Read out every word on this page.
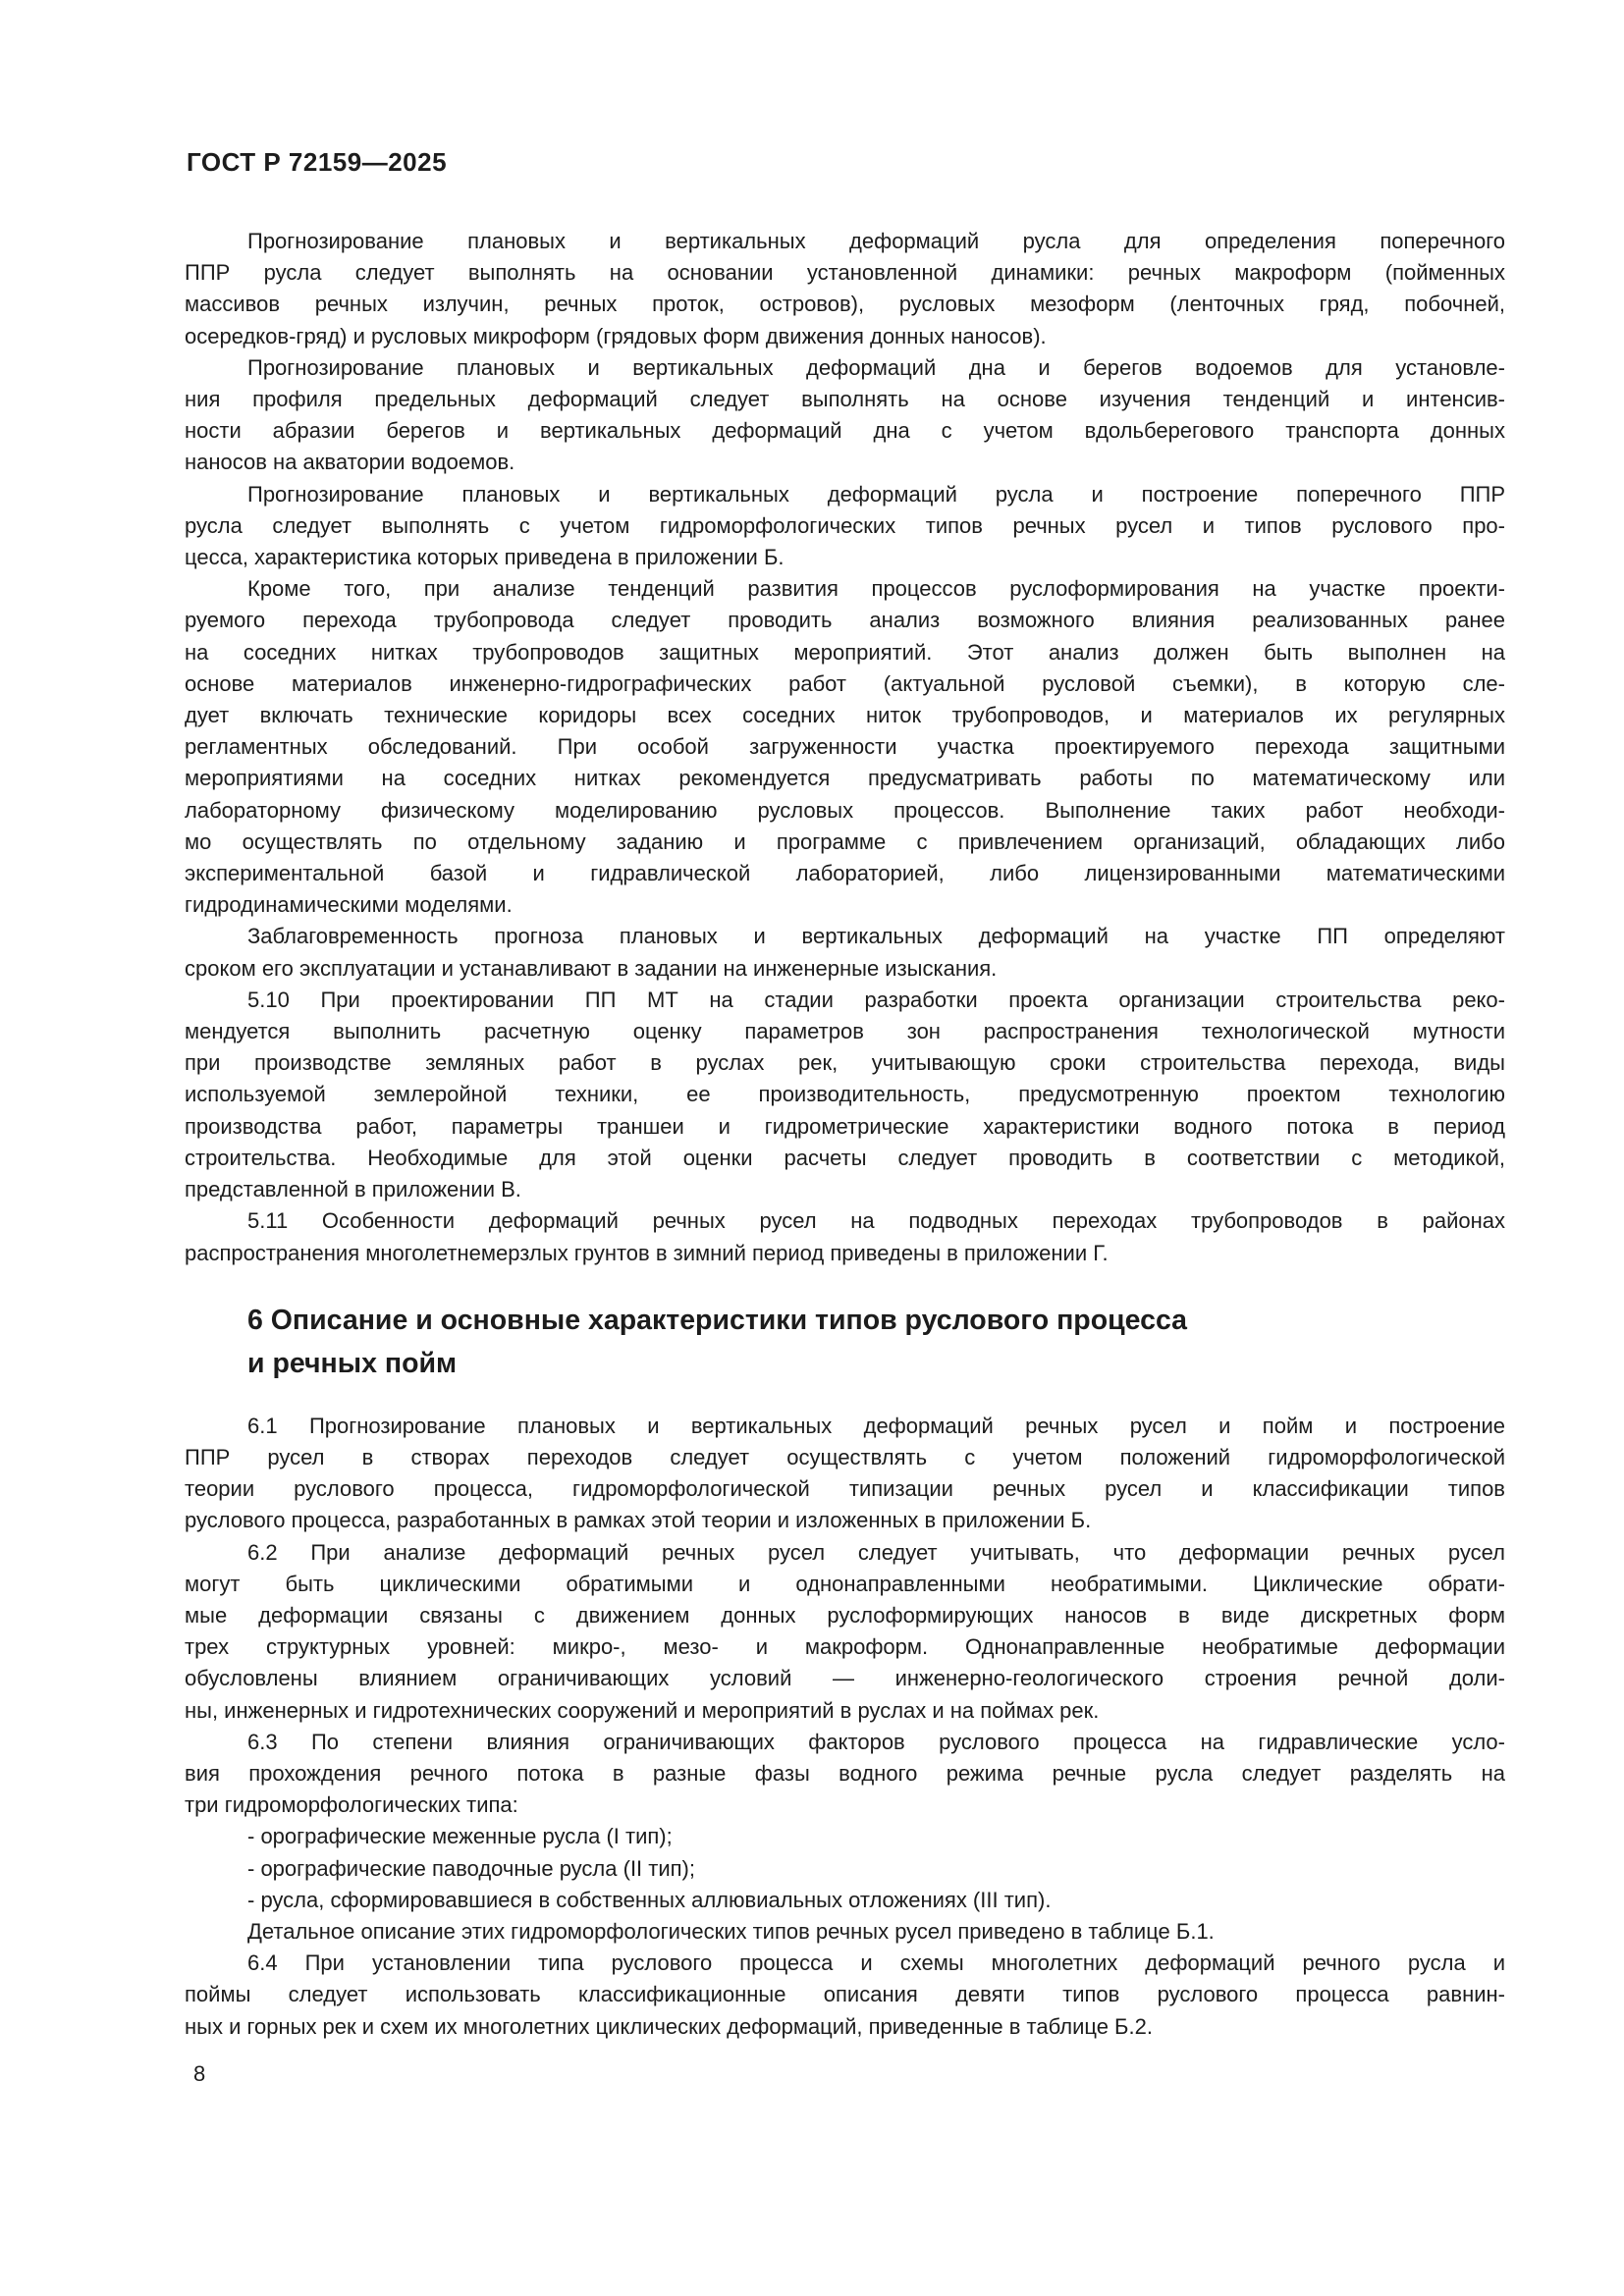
ГОСТ Р 72159—2025
Прогнозирование плановых и вертикальных деформаций русла для определения поперечного
ППР русла следует выполнять на основании установленной динамики: речных макроформ (пойменных
массивов речных излучин, речных проток, островов), русловых мезоформ (ленточных гряд, побочней,
осередков-гряд) и русловых микроформ (грядовых форм движения донных наносов).
Прогнозирование плановых и вертикальных деформаций дна и берегов водоемов для установле-
ния профиля предельных деформаций следует выполнять на основе изучения тенденций и интенсив-
ности абразии берегов и вертикальных деформаций дна с учетом вдольберегового транспорта донных
наносов на акватории водоемов.
Прогнозирование плановых и вертикальных деформаций русла и построение поперечного ППР
русла следует выполнять с учетом гидроморфологических типов речных русел и типов руслового про-
цесса, характеристика которых приведена в приложении Б.
Кроме того, при анализе тенденций развития процессов руслоформирования на участке проекти-
руемого перехода трубопровода следует проводить анализ возможного влияния реализованных ранее
на соседних нитках трубопроводов защитных мероприятий. Этот анализ должен быть выполнен на
основе материалов инженерно-гидрографических работ (актуальной русловой съемки), в которую сле-
дует включать технические коридоры всех соседних ниток трубопроводов, и материалов их регулярных
регламентных обследований. При особой загруженности участка проектируемого перехода защитными
мероприятиями на соседних нитках рекомендуется предусматривать работы по математическому или
лабораторному физическому моделированию русловых процессов. Выполнение таких работ необходи-
мо осуществлять по отдельному заданию и программе с привлечением организаций, обладающих либо
экспериментальной базой и гидравлической лабораторией, либо лицензированными математическими
гидродинамическими моделями.
Заблаговременность прогноза плановых и вертикальных деформаций на участке ПП определяют
сроком его эксплуатации и устанавливают в задании на инженерные изыскания.
5.10 При проектировании ПП МТ на стадии разработки проекта организации строительства реко-
мендуется выполнить расчетную оценку параметров зон распространения технологической мутности
при производстве земляных работ в руслах рек, учитывающую сроки строительства перехода, виды
используемой землеройной техники, ее производительность, предусмотренную проектом технологию
производства работ, параметры траншеи и гидрометрические характеристики водного потока в период
строительства. Необходимые для этой оценки расчеты следует проводить в соответствии с методикой,
представленной в приложении В.
5.11 Особенности деформаций речных русел на подводных переходах трубопроводов в районах
распространения многолетнемерзлых грунтов в зимний период приведены в приложении Г.
6 Описание и основные характеристики типов руслового процесса
и речных пойм
6.1 Прогнозирование плановых и вертикальных деформаций речных русел и пойм и построение
ППР русел в створах переходов следует осуществлять с учетом положений гидроморфологической
теории руслового процесса, гидроморфологической типизации речных русел и классификации типов
руслового процесса, разработанных в рамках этой теории и изложенных в приложении Б.
6.2 При анализе деформаций речных русел следует учитывать, что деформации речных русел
могут быть циклическими обратимыми и однонаправленными необратимыми. Циклические обрати-
мые деформации связаны с движением донных руслоформирующих наносов в виде дискретных форм
трех структурных уровней: микро-, мезо- и макроформ. Однонаправленные необратимые деформации
обусловлены влиянием ограничивающих условий — инженерно-геологического строения речной доли-
ны, инженерных и гидротехнических сооружений и мероприятий в руслах и на поймах рек.
6.3 По степени влияния ограничивающих факторов руслового процесса на гидравлические усло-
вия прохождения речного потока в разные фазы водного режима речные русла следует разделять на
три гидроморфологических типа:
- орографические меженные русла (I тип);
- орографические паводочные русла (II тип);
- русла, сформировавшиеся в собственных аллювиальных отложениях (III тип).
Детальное описание этих гидроморфологических типов речных русел приведено в таблице Б.1.
6.4 При установлении типа руслового процесса и схемы многолетних деформаций речного русла и
поймы следует использовать классификационные описания девяти типов руслового процесса равнин-
ных и горных рек и схем их многолетних циклических деформаций, приведенные в таблице Б.2.
8
